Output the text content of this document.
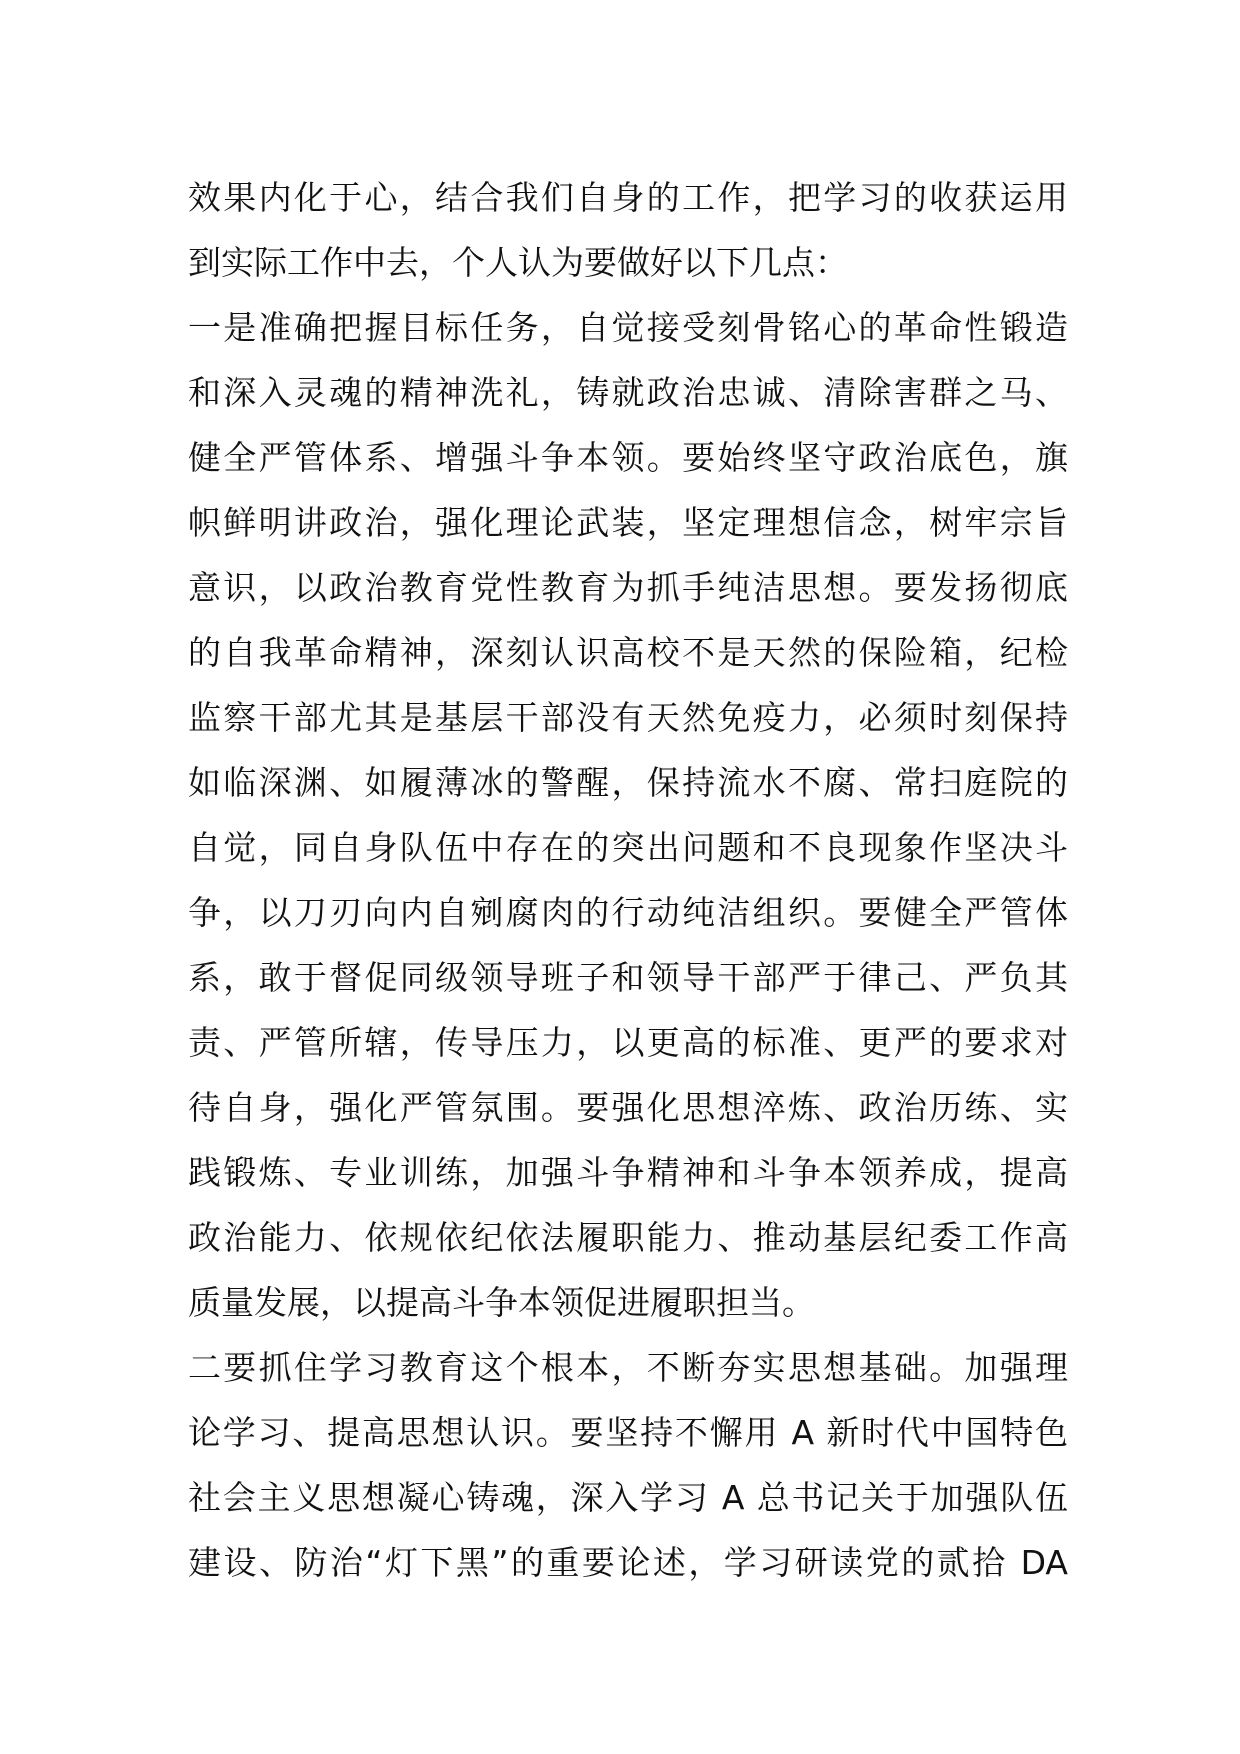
效果内化于心，结合我们自身的工作，把学习的收获运用
到实际工作中去，个人认为要做好以下几点：
一是准确把握目标任务，自觉接受刻骨铭心的革命性锻造
和深入灵魂的精神洗礼，铸就政治忠诚、清除害群之马、
健全严管体系、增强斗争本领。要始终坚守政治底色，旗
帜鲜明讲政治，强化理论武装，坚定理想信念，树牢宗旨
意识，以政治教育党性教育为抓手纯洁思想。要发扬彻底
的自我革命精神，深刻认识高校不是天然的保险箱，纪检
监察干部尤其是基层干部没有天然免疫力，必须时刻保持
如临深渊、如履薄冰的警醒，保持流水不腐、常扫庭院的
自觉，同自身队伍中存在的突出问题和不良现象作坚决斗
争，以刀刃向内自剜腐肉的行动纯洁组织。要健全严管体
系，敢于督促同级领导班子和领导干部严于律己、严负其
责、严管所辖，传导压力，以更高的标准、更严的要求对
待自身，强化严管氛围。要强化思想淬炼、政治历练、实
践锻炼、专业训练，加强斗争精神和斗争本领养成，提高
政治能力、依规依纪依法履职能力、推动基层纪委工作高
质量发展，以提高斗争本领促进履职担当。
二要抓住学习教育这个根本，不断夯实思想基础。加强理
论学习、提高思想认识。要坚持不懈用 A 新时代中国特色
社会主义思想凝心铸魂，深入学习 A 总书记关于加强队伍
建设、防治“灯下黑”的重要论述，学习研读党的贰拾 DA
